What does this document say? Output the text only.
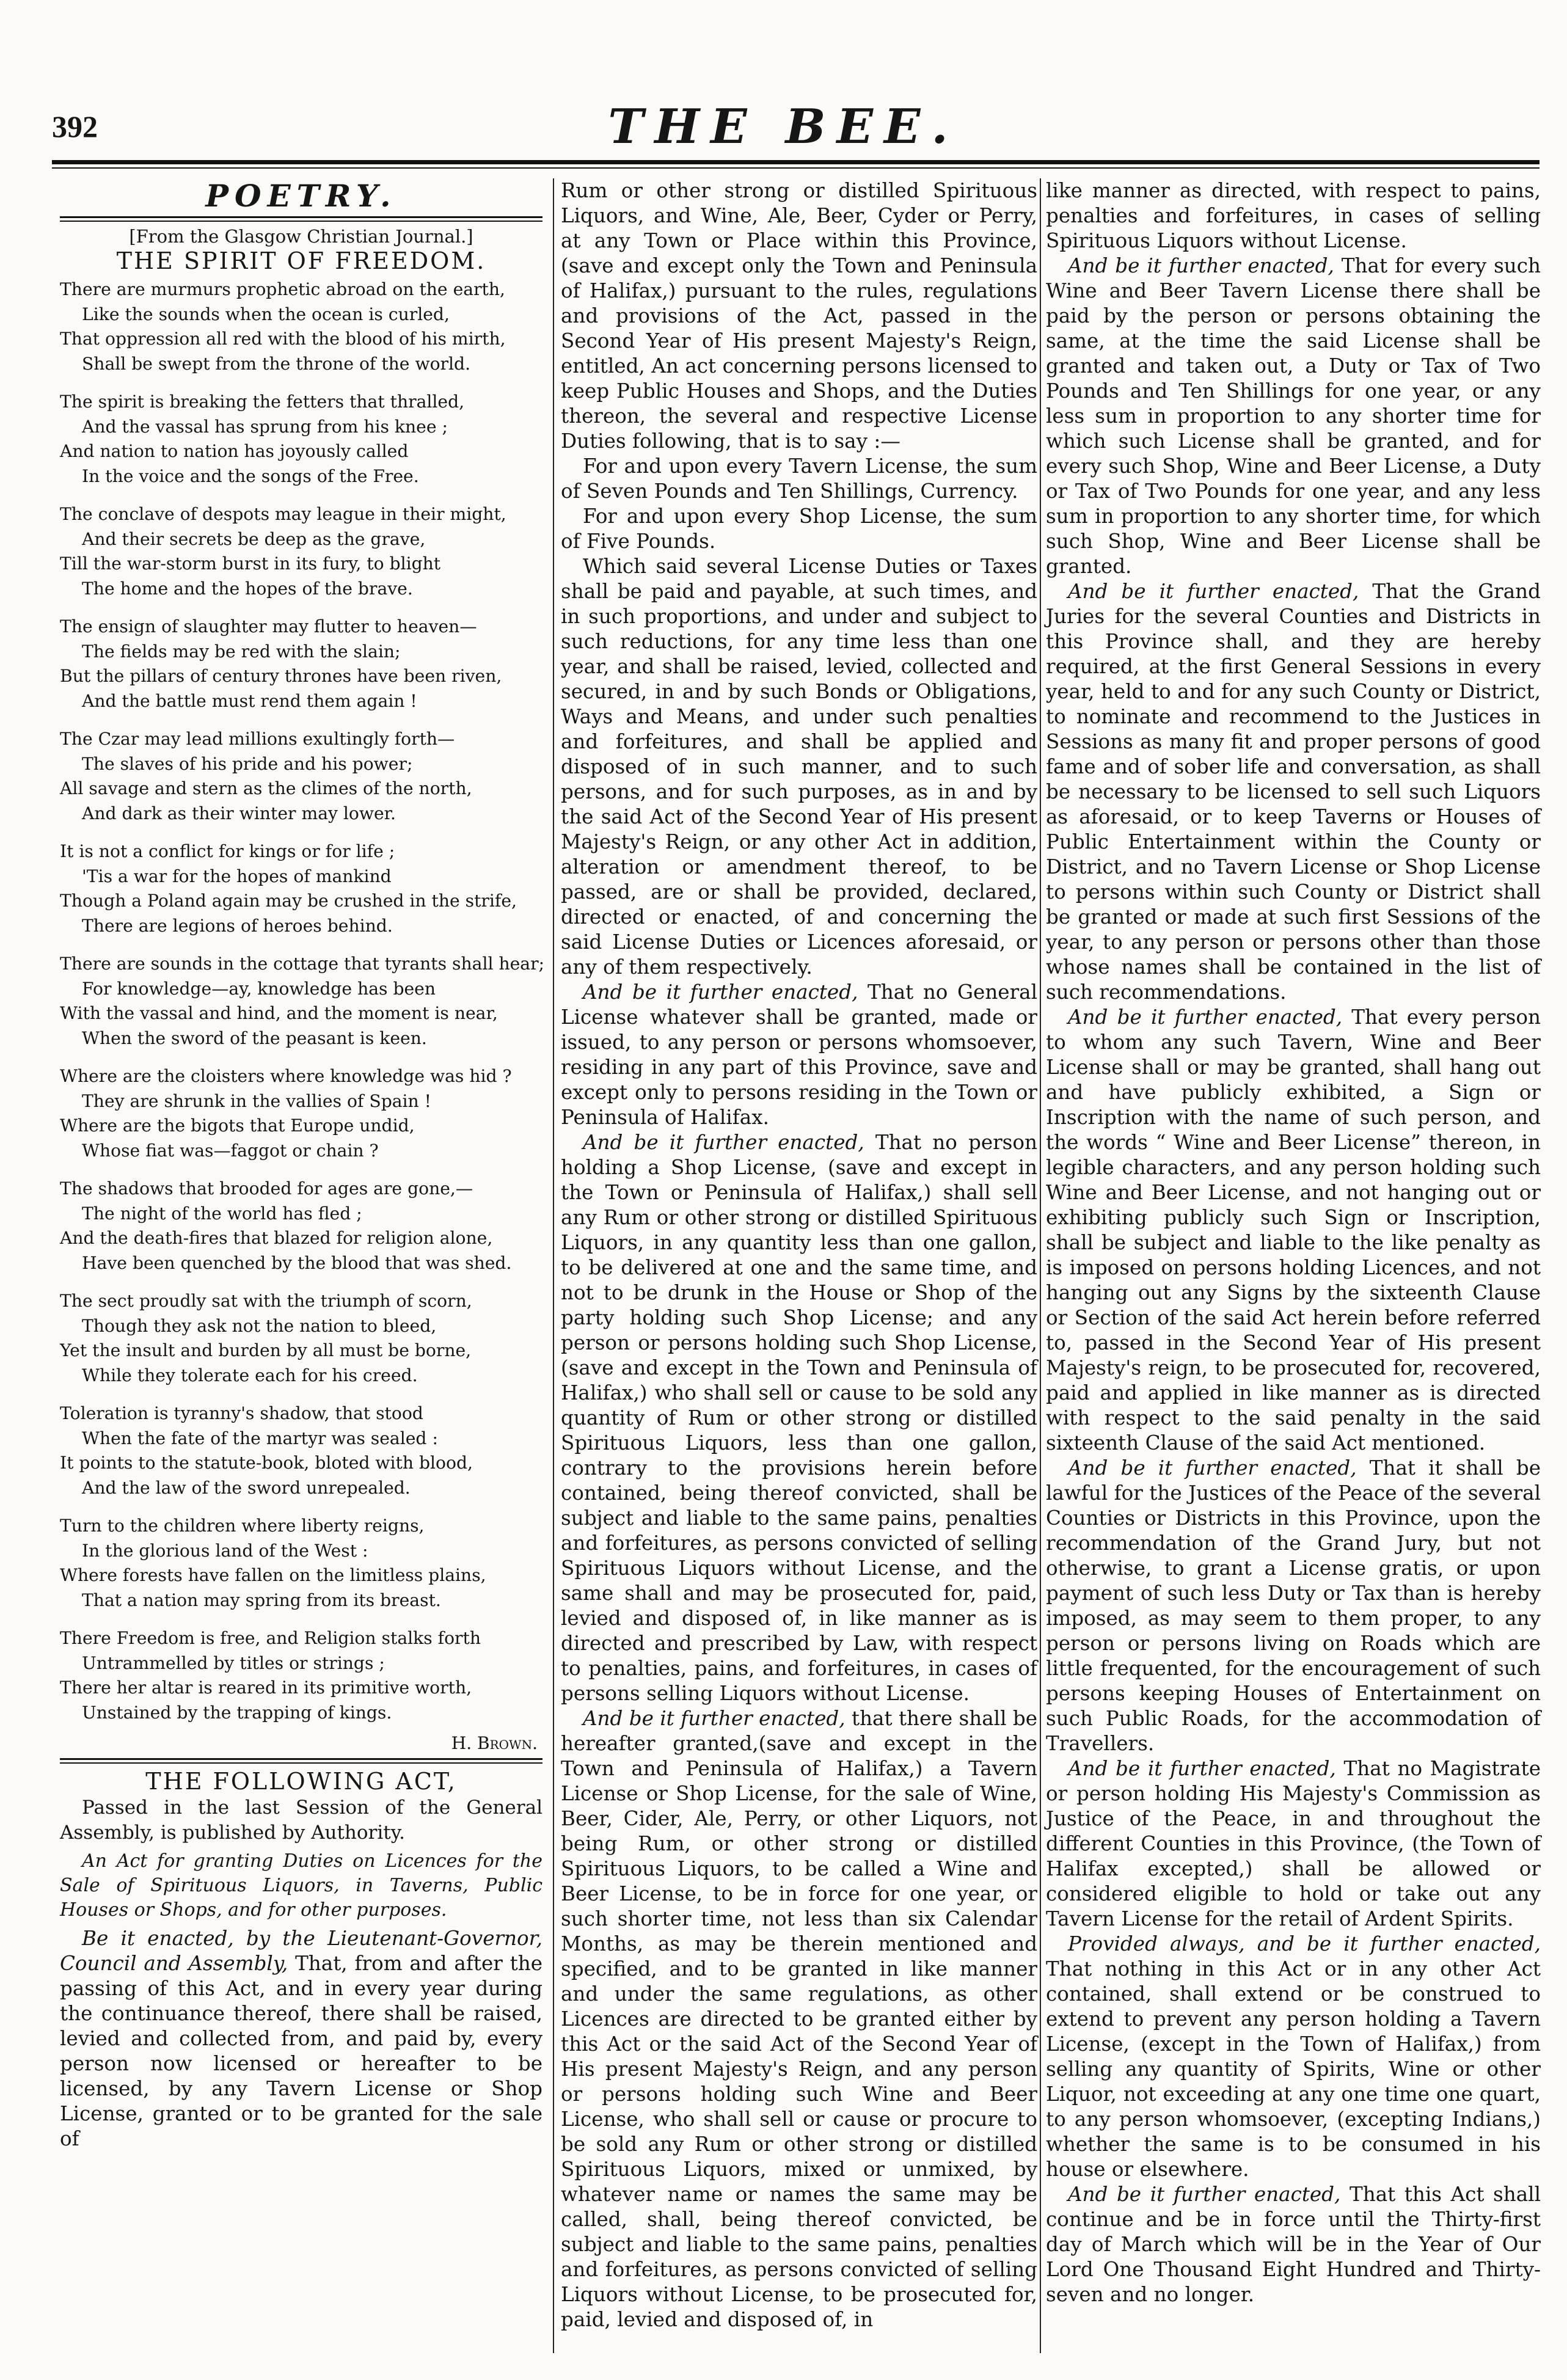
392	THE BEE.
POETRY.
[From the Glasgow Christian Journal.]
THE SPIRIT OF FREEDOM.
There are murmurs prophetic abroad on the earth,
Like the sounds when the ocean is curled,
That oppression all red with the blood of his mirth,
Shall be swept from the throne of the world.
The spirit is breaking the fetters that thralled,
And the vassal has sprung from his knee ;
And nation to nation has joyously called
In the voice and the songs of the Free.
The conclave of despots may league in their might,
And their secrets be deep as the grave,
Till the war-storm burst in its fury, to blight
The home and the hopes of the brave.
The ensign of slaughter may flutter to heaven—
The fields may be red with the slain;
But the pillars of century thrones have been riven,
And the battle must rend them again !
The Czar may lead millions exultingly forth—
The slaves of his pride and his power;
All savage and stern as the climes of the north,
And dark as their winter may lower.
It is not a conflict for kings or for life ;
'Tis a war for the hopes of mankind
Though a Poland again may be crushed in the strife,
There are legions of heroes behind.
There are sounds in the cottage that tyrants shall hear;
For knowledge—ay, knowledge has been
With the vassal and hind, and the moment is near,
When the sword of the peasant is keen.
Where are the cloisters where knowledge was hid ?
They are shrunk in the vallies of Spain !
Where are the bigots that Europe undid,
Whose fiat was—faggot or chain ?
The shadows that brooded for ages are gone,—
The night of the world has fled ;
And the death-fires that blazed for religion alone,
Have been quenched by the blood that was shed.
The sect proudly sat with the triumph of scorn,
Though they ask not the nation to bleed,
Yet the insult and burden by all must be borne,
While they tolerate each for his creed.
Toleration is tyranny's shadow, that stood
When the fate of the martyr was sealed :
It points to the statute-book, bloted with blood,
And the law of the sword unrepealed.
Turn to the children where liberty reigns,
In the glorious land of the West :
Where forests have fallen on the limitless plains,
That a nation may spring from its breast.
There Freedom is free, and Religion stalks forth
Untrammelled by titles or strings ;
There her altar is reared in its primitive worth,
Unstained by the trapping of kings.
H. Brown.
THE FOLLOWING ACT,

Passed in the last Session of the General Assembly, is published by Authority.

An Act for granting Duties on Licences for the Sale of Spirituous Liquors, in Taverns, Public Houses or Shops, and for other purposes.

Be it enacted, by the Lieutenant-Governor, Council and Assembly, That, from and after the passing of this Act, and in every year during the continuance thereof, there shall be raised, levied and collected from, and paid by, every person now licensed or hereafter to be licensed, by any Tavern License or Shop License, granted or to be granted for the sale of

Rum or other strong or distilled Spirituous Liquors, and Wine, Ale, Beer, Cyder or Perry, at any Town or Place within this Province, (save and except only the Town and Peninsula of Halifax,) pursuant to the rules, regulations and provisions of the Act, passed in the Second Year of His present Majesty's Reign, entitled, An act concerning persons licensed to keep Public Houses and Shops, and the Duties thereon, the several and respective License Duties following, that is to say :—

For and upon every Tavern License, the sum of Seven Pounds and Ten Shillings, Currency.

For and upon every Shop License, the sum of Five Pounds.

Which said several License Duties or Taxes shall be paid and payable, at such times, and in such proportions, and under and subject to such reductions, for any time less than one year, and shall be raised, levied, collected and secured, in and by such Bonds or Obligations, Ways and Means, and under such penalties and forfeitures, and shall be applied and disposed of in such manner, and to such persons, and for such purposes, as in and by the said Act of the Second Year of His present Majesty's Reign, or any other Act in addition, alteration or amendment thereof, to be passed, are or shall be provided, declared, directed or enacted, of and concerning the said License Duties or Licences aforesaid, or any of them respectively.

And be it further enacted, That no General License whatever shall be granted, made or issued, to any person or persons whomsoever, residing in any part of this Province, save and except only to persons residing in the Town or Peninsula of Halifax.

And be it further enacted, That no person holding a Shop License, (save and except in the Town or Peninsula of Halifax,) shall sell any Rum or other strong or distilled Spirituous Liquors, in any quantity less than one gallon, to be delivered at one and the same time, and not to be drunk in the House or Shop of the party holding such Shop License; and any person or persons holding such Shop License, (save and except in the Town and Peninsula of Halifax,) who shall sell or cause to be sold any quantity of Rum or other strong or distilled Spirituous Liquors, less than one gallon, contrary to the provisions herein before contained, being thereof convicted, shall be subject and liable to the same pains, penalties and forfeitures, as persons convicted of selling Spirituous Liquors without License, and the same shall and may be prosecuted for, paid, levied and disposed of, in like manner as is directed and prescribed by Law, with respect to penalties, pains, and forfeitures, in cases of persons selling Liquors without License.

And be it further enacted, that there shall be hereafter granted,(save and except in the Town and Peninsula of Halifax,) a Tavern License or Shop License, for the sale of Wine, Beer, Cider, Ale, Perry, or other Liquors, not being Rum, or other strong or distilled Spirituous Liquors, to be called a Wine and Beer License, to be in force for one year, or such shorter time, not less than six Calendar Months, as may be therein mentioned and specified, and to be granted in like manner and under the same regulations, as other Licences are directed to be granted either by this Act or the said Act of the Second Year of His present Majesty's Reign, and any person or persons holding such Wine and Beer License, who shall sell or cause or procure to be sold any Rum or other strong or distilled Spirituous Liquors, mixed or unmixed, by whatever name or names the same may be called, shall, being thereof convicted, be subject and liable to the same pains, penalties and forfeitures, as persons convicted of selling Liquors without License, to be prosecuted for, paid, levied and disposed of, in

like manner as directed, with respect to pains, penalties and forfeitures, in cases of selling Spirituous Liquors without License.

And be it further enacted, That for every such Wine and Beer Tavern License there shall be paid by the person or persons obtaining the same, at the time the said License shall be granted and taken out, a Duty or Tax of Two Pounds and Ten Shillings for one year, or any less sum in proportion to any shorter time for which such License shall be granted, and for every such Shop, Wine and Beer License, a Duty or Tax of Two Pounds for one year, and any less sum in proportion to any shorter time, for which such Shop, Wine and Beer License shall be granted.

And be it further enacted, That the Grand Juries for the several Counties and Districts in this Province shall, and they are hereby required, at the first General Sessions in every year, held to and for any such County or District, to nominate and recommend to the Justices in Sessions as many fit and proper persons of good fame and of sober life and conversation, as shall be necessary to be licensed to sell such Liquors as aforesaid, or to keep Taverns or Houses of Public Entertainment within the County or District, and no Tavern License or Shop License to persons within such County or District shall be granted or made at such first Sessions of the year, to any person or persons other than those whose names shall be contained in the list of such recommendations.

And be it further enacted, That every person to whom any such Tavern, Wine and Beer License shall or may be granted, shall hang out and have publicly exhibited, a Sign or Inscription with the name of such person, and the words “ Wine and Beer License” thereon, in legible characters, and any person holding such Wine and Beer License, and not hanging out or exhibiting publicly such Sign or Inscription, shall be subject and liable to the like penalty as is imposed on persons holding Licences, and not hanging out any Signs by the sixteenth Clause or Section of the said Act herein before referred to, passed in the Second Year of His present Majesty's reign, to be prosecuted for, recovered, paid and applied in like manner as is directed with respect to the said penalty in the said sixteenth Clause of the said Act mentioned.

And be it further enacted, That it shall be lawful for the Justices of the Peace of the several Counties or Districts in this Province, upon the recommendation of the Grand Jury, but not otherwise, to grant a License gratis, or upon payment of such less Duty or Tax than is hereby imposed, as may seem to them proper, to any person or persons living on Roads which are little frequented, for the encouragement of such persons keeping Houses of Entertainment on such Public Roads, for the accommodation of Travellers.

And be it further enacted, That no Magistrate or person holding His Majesty's Commission as Justice of the Peace, in and throughout the different Counties in this Province, (the Town of Halifax excepted,) shall be allowed or considered eligible to hold or take out any Tavern License for the retail of Ardent Spirits.

Provided always, and be it further enacted, That nothing in this Act or in any other Act contained, shall extend or be construed to extend to prevent any person holding a Tavern License, (except in the Town of Halifax,) from selling any quantity of Spirits, Wine or other Liquor, not exceeding at any one time one quart, to any person whomsoever, (excepting Indians,) whether the same is to be consumed in his house or elsewhere.

And be it further enacted, That this Act shall continue and be in force until the Thirty-first day of March which will be in the Year of Our Lord One Thousand Eight Hundred and Thirty-seven and no longer.
